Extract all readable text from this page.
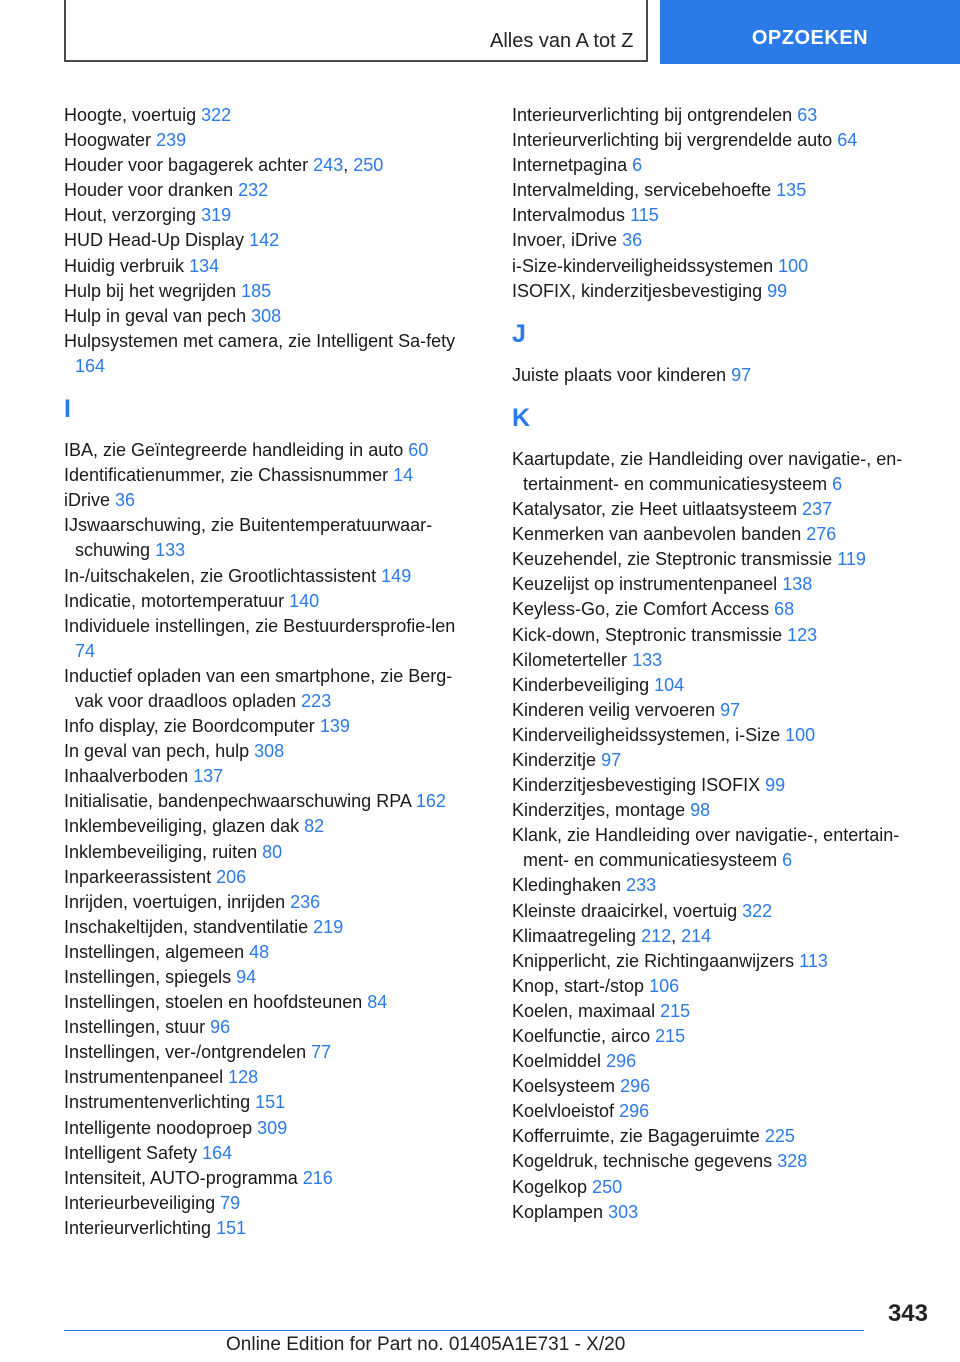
Alles van A tot Z	OPZOEKEN
Hoogte, voertuig 322
Hoogwater 239
Houder voor bagagerek achter 243, 250
Houder voor dranken 232
Hout, verzorging 319
HUD Head-Up Display 142
Huidig verbruik 134
Hulp bij het wegrijden 185
Hulp in geval van pech 308
Hulpsystemen met camera, zie Intelligent Sa‐fety 164
I
IBA, zie Geïntegreerde handleiding in auto 60
Identificatienummer, zie Chassisnummer 14
iDrive 36
IJswaarschuwing, zie Buitentemperatuurwaar‐schuwing 133
In-/uitschakelen, zie Grootlichtassistent 149
Indicatie, motortemperatuur 140
Individuele instellingen, zie Bestuurdersprofie‐len 74
Inductief opladen van een smartphone, zie Berg‐vak voor draadloos opladen 223
Info display, zie Boordcomputer 139
In geval van pech, hulp 308
Inhaalverboden 137
Initialisatie, bandenpechwaarschuwing RPA 162
Inklembeveiliging, glazen dak 82
Inklembeveiliging, ruiten 80
Inparkeerassistent 206
Inrijden, voertuigen, inrijden 236
Inschakeltijden, standventilatie 219
Instellingen, algemeen 48
Instellingen, spiegels 94
Instellingen, stoelen en hoofdsteunen 84
Instellingen, stuur 96
Instellingen, ver-/ontgrendelen 77
Instrumentenpaneel 128
Instrumentenverlichting 151
Intelligente noodoproep 309
Intelligent Safety 164
Intensiteit, AUTO-programma 216
Interieurbeveiliging 79
Interieurverlichting 151
Interieurverlichting bij ontgrendelen 63
Interieurverlichting bij vergrendelde auto 64
Internetpagina 6
Intervalmelding, servicebehoefte 135
Intervalmodus 115
Invoer, iDrive 36
i-Size-kinderveiligheidssystemen 100
ISOFIX, kinderzitjesbevestiging 99
J
Juiste plaats voor kinderen 97
K
Kaartupdate, zie Handleiding over navigatie-, en‐tertainment- en communicatiesysteem 6
Katalysator, zie Heet uitlaatsysteem 237
Kenmerken van aanbevolen banden 276
Keuzehendel, zie Steptronic transmissie 119
Keuzelijst op instrumentenpaneel 138
Keyless-Go, zie Comfort Access 68
Kick-down, Steptronic transmissie 123
Kilometerteller 133
Kinderbeveiliging 104
Kinderen veilig vervoeren 97
Kinderveiligheidssystemen, i-Size 100
Kinderzitje 97
Kinderzitjesbevestiging ISOFIX 99
Kinderzitjes, montage 98
Klank, zie Handleiding over navigatie-, entertain‐ment- en communicatiesysteem 6
Kledinghaken 233
Kleinste draaicirkel, voertuig 322
Klimaatregeling 212, 214
Knipperlicht, zie Richtingaanwijzers 113
Knop, start-/stop 106
Koelen, maximaal 215
Koelfunctie, airco 215
Koelmiddel 296
Koelsysteem 296
Koelvloeistof 296
Kofferruimte, zie Bagageruimte 225
Kogeldruk, technische gegevens 328
Kogelkop 250
Koplampen 303
343
Online Edition for Part no. 01405A1E731 - X/20
